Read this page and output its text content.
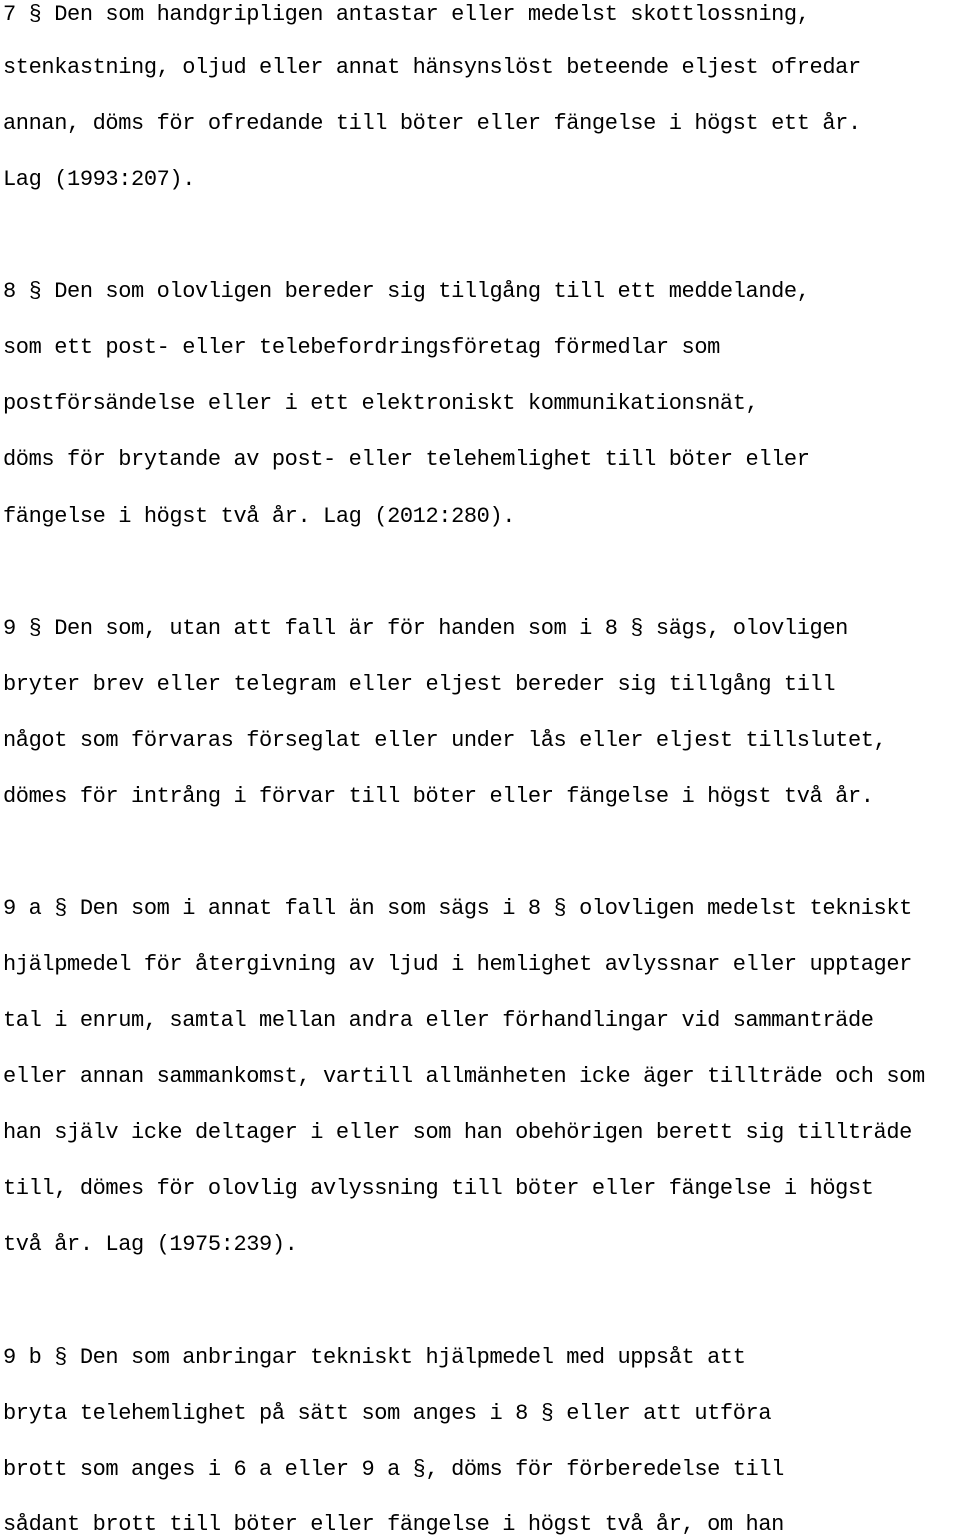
7 § Den som handgripligen antastar eller medelst skottlossning,
stenkastning, oljud eller annat hänsynslöst beteende eljest ofredar
annan, döms för ofredande till böter eller fängelse i högst ett år.
Lag (1993:207).
8 § Den som olovligen bereder sig tillgång till ett meddelande,
som ett post- eller telebefordringsföretag förmedlar som
postförsändelse eller i ett elektroniskt kommunikationsnät,
döms för brytande av post- eller telehemlighet till böter eller
fängelse i högst två år. Lag (2012:280).
9 § Den som, utan att fall är för handen som i 8 § sägs, olovligen
bryter brev eller telegram eller eljest bereder sig tillgång till
något som förvaras förseglat eller under lås eller eljest tillslutet,
dömes för intrång i förvar till böter eller fängelse i högst två år.
9 a § Den som i annat fall än som sägs i 8 § olovligen medelst tekniskt
hjälpmedel för återgivning av ljud i hemlighet avlyssnar eller upptager
tal i enrum, samtal mellan andra eller förhandlingar vid sammanträde
eller annan sammankomst, vartill allmänheten icke äger tillträde och som
han själv icke deltager i eller som han obehörigen berett sig tillträde
till, dömes för olovlig avlyssning till böter eller fängelse i högst
två år. Lag (1975:239).
9 b § Den som anbringar tekniskt hjälpmedel med uppsåt att
bryta telehemlighet på sätt som anges i 8 § eller att utföra
brott som anges i 6 a eller 9 a §, döms för förberedelse till
sådant brott till böter eller fängelse i högst två år, om han
